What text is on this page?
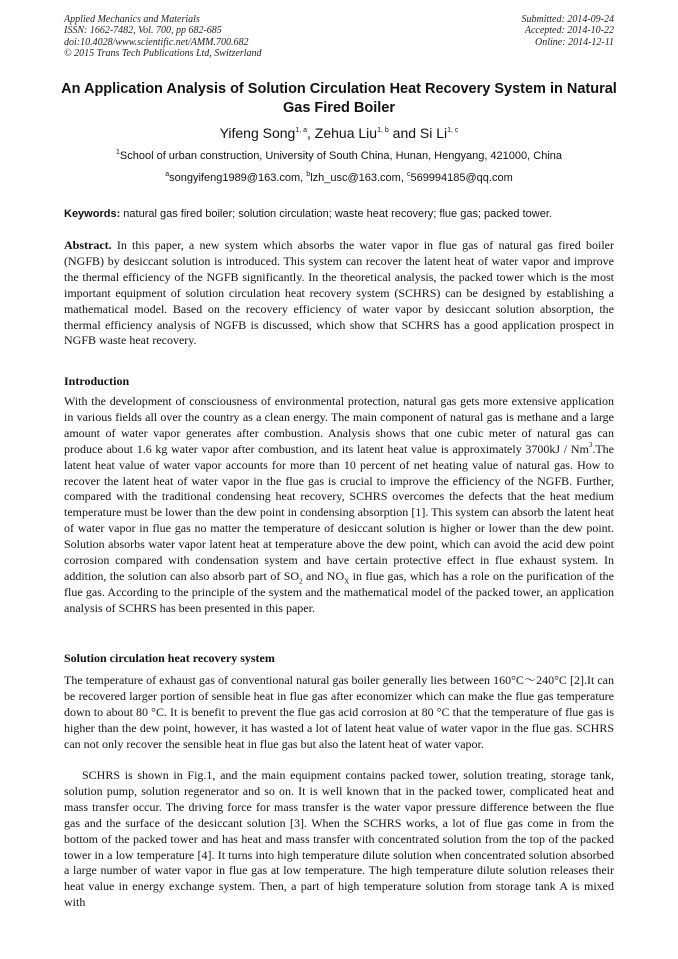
Applied Mechanics and Materials
ISSN: 1662-7482, Vol. 700, pp 682-685
doi:10.4028/www.scientific.net/AMM.700.682
© 2015 Trans Tech Publications Ltd, Switzerland
Submitted: 2014-09-24
Accepted: 2014-10-22
Online: 2014-12-11
An Application Analysis of Solution Circulation Heat Recovery System in Natural Gas Fired Boiler
Yifeng Song$^{1, a}$, Zehua Liu$^{1, b}$ and Si Li$^{1, c}$
$^1$School of urban construction, University of South China, Hunan, Hengyang, 421000, China
$^a$songyifeng1989@163.com, $^b$lzh_usc@163.com, $^c$569994185@qq.com
Keywords: natural gas fired boiler; solution circulation; waste heat recovery; flue gas; packed tower.
Abstract. In this paper, a new system which absorbs the water vapor in flue gas of natural gas fired boiler (NGFB) by desiccant solution is introduced. This system can recover the latent heat of water vapor and improve the thermal efficiency of the NGFB significantly. In the theoretical analysis, the packed tower which is the most important equipment of solution circulation heat recovery system (SCHRS) can be designed by establishing a mathematical model. Based on the recovery efficiency of water vapor by desiccant solution absorption, the thermal efficiency analysis of NGFB is discussed, which show that SCHRS has a good application prospect in NGFB waste heat recovery.
Introduction
With the development of consciousness of environmental protection, natural gas gets more extensive application in various fields all over the country as a clean energy. The main component of natural gas is methane and a large amount of water vapor generates after combustion. Analysis shows that one cubic meter of natural gas can produce about 1.6 kg water vapor after combustion, and its latent heat value is approximately 3700kJ / Nm$^3$.The latent heat value of water vapor accounts for more than 10 percent of net heating value of natural gas. How to recover the latent heat of water vapor in the flue gas is crucial to improve the efficiency of the NGFB. Further, compared with the traditional condensing heat recovery, SCHRS overcomes the defects that the heat medium temperature must be lower than the dew point in condensing absorption [1]. This system can absorb the latent heat of water vapor in flue gas no matter the temperature of desiccant solution is higher or lower than the dew point. Solution absorbs water vapor latent heat at temperature above the dew point, which can avoid the acid dew point corrosion compared with condensation system and have certain protective effect in flue exhaust system. In addition, the solution can also absorb part of $SO_2$ and $NO_X$ in flue gas, which has a role on the purification of the flue gas. According to the principle of the system and the mathematical model of the packed tower, an application analysis of SCHRS has been presented in this paper.
Solution circulation heat recovery system
The temperature of exhaust gas of conventional natural gas boiler generally lies between 160°C～240°C [2].It can be recovered larger portion of sensible heat in flue gas after economizer which can make the flue gas temperature down to about 80 °C. It is benefit to prevent the flue gas acid corrosion at 80 °C that the temperature of flue gas is higher than the dew point, however, it has wasted a lot of latent heat value of water vapor in the flue gas. SCHRS can not only recover the sensible heat in flue gas but also the latent heat of water vapor.
SCHRS is shown in Fig.1, and the main equipment contains packed tower, solution treating, storage tank, solution pump, solution regenerator and so on. It is well known that in the packed tower, complicated heat and mass transfer occur. The driving force for mass transfer is the water vapor pressure difference between the flue gas and the surface of the desiccant solution [3]. When the SCHRS works, a lot of flue gas come in from the bottom of the packed tower and has heat and mass transfer with concentrated solution from the top of the packed tower in a low temperature [4]. It turns into high temperature dilute solution when concentrated solution absorbed a large number of water vapor in flue gas at low temperature. The high temperature dilute solution releases their heat value in energy exchange system. Then, a part of high temperature solution from storage tank A is mixed with
